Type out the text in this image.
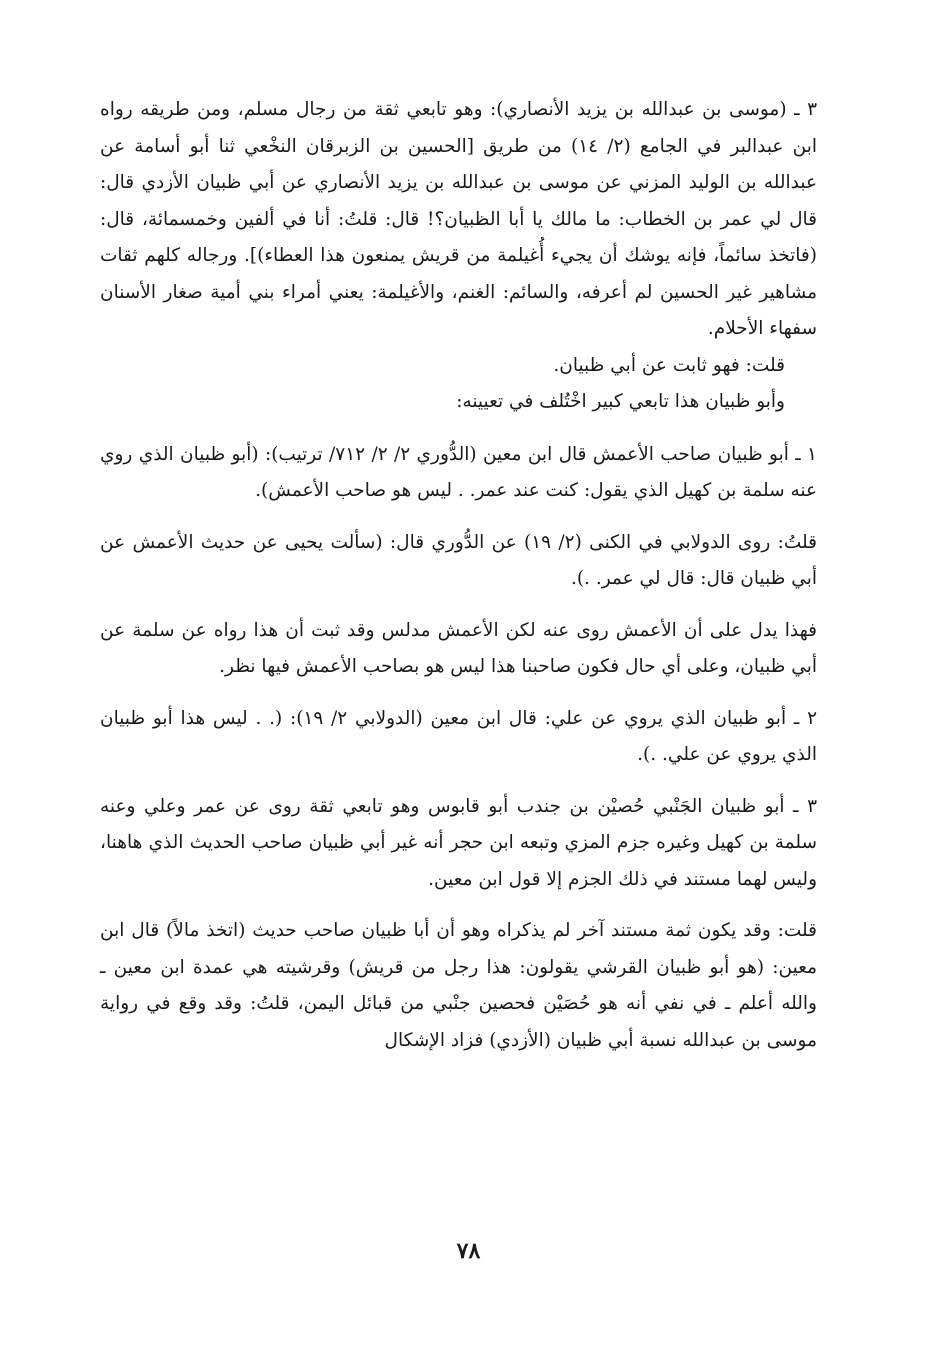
٣ ـ (موسى بن عبدالله بن يزيد الأنصاري): وهو تابعي ثقة من رجال مسلم، ومن طريقه رواه ابن عبدالبر في الجامع (٢/ ١٤) من طريق [الحسين بن الزبرقان النخْعي ثنا أبو أسامة عن عبدالله بن الوليد المزني عن موسى بن عبدالله بن يزيد الأنصاري عن أبي ظبيان الأزدي قال: قال لي عمر بن الخطاب: ما مالك يا أبا الظبيان؟! قال: قلتُ: أنا في ألفين وخمسمائة، قال: (فاتخذ سائماً، فإنه يوشك أن يجيء أُغيلمة من قريش يمنعون هذا العطاء)]. ورجاله كلهم ثقات مشاهير غير الحسين لم أعرفه، والسائم: الغنم، والأغيلمة: يعني أمراء بني أمية صغار الأسنان سفهاء الأحلام.

قلت: فهو ثابت عن أبي ظبيان.

وأبو ظبيان هذا تابعي كبير اخْتُلف في تعيينه:

١ ـ أبو ظبيان صاحب الأعمش قال ابن معين (الدُّوري ٢/ ٢/ ٧١٢/ ترتيب): (أبو ظبيان الذي روي عنه سلمة بن كهيل الذي يقول: كنت عند عمر. . ليس هو صاحب الأعمش).

قلتُ: روى الدولابي في الكنى (٢/ ١٩) عن الدُّوري قال: (سألت يحيى عن حديث الأعمش عن أبي ظبيان قال: قال لي عمر. .).

فهذا يدل على أن الأعمش روى عنه لكن الأعمش مدلس وقد ثبت أن هذا رواه عن سلمة عن أبي ظبيان، وعلى أي حال فكون صاحبنا هذا ليس هو بصاحب الأعمش فيها نظر.

٢ ـ أبو ظبيان الذي يروي عن علي: قال ابن معين (الدولابي ٢/ ١٩): (. . ليس هذا أبو ظبيان الذي يروي عن علي. .).

٣ ـ أبو ظبيان الجَنْبي حُصيْن بن جندب أبو قابوس وهو تابعي ثقة روى عن عمر وعلي وعنه سلمة بن كهيل وغيره جزم المزي وتبعه ابن حجر أنه غير أبي ظبيان صاحب الحديث الذي هاهنا، وليس لهما مستند في ذلك الجزم إلا قول ابن معين.

قلت: وقد يكون ثمة مستند آخر لم يذكراه وهو أن أبا ظبيان صاحب حديث (اتخذ مالاً) قال ابن معين: (هو أبو ظبيان القرشي يقولون: هذا رجل من قريش) وقرشيته هي عمدة ابن معين ـ والله أعلم ـ في نفي أنه هو حُصَيْن فحصين جنْبي من قبائل اليمن، قلتُ: وقد وقع في رواية موسى بن عبدالله نسبة أبي ظبيان (الأزدي) فزاد الإشكال

٧٨
